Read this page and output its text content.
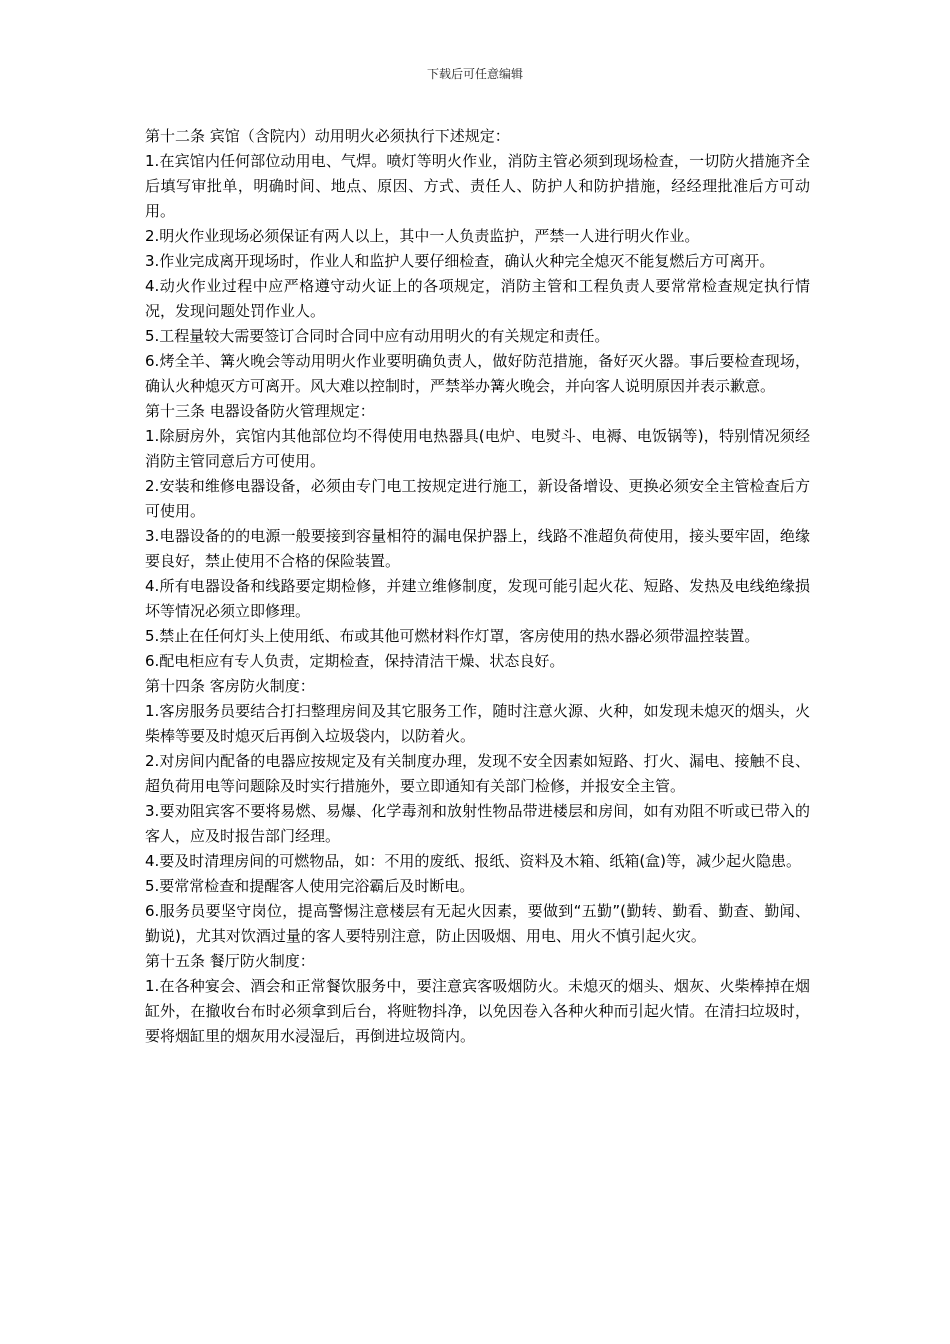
下载后可任意编辑

第十二条 宾馆（含院内）动用明火必须执行下述规定：

1.在宾馆内任何部位动用电、气焊。喷灯等明火作业，消防主管必须到现场检查，一切防火措施齐全后填写审批单，明确时间、地点、原因、方式、责任人、防护人和防护措施，经经理批准后方可动用。

2.明火作业现场必须保证有两人以上，其中一人负责监护，严禁一人进行明火作业。

3.作业完成离开现场时，作业人和监护人要仔细检查，确认火种完全熄灭不能复燃后方可离开。

4.动火作业过程中应严格遵守动火证上的各项规定，消防主管和工程负责人要常常检查规定执行情况，发现问题处罚作业人。

5.工程量较大需要签订合同时合同中应有动用明火的有关规定和责任。

6.烤全羊、篝火晚会等动用明火作业要明确负责人，做好防范措施，备好灭火器。事后要检查现场，确认火种熄灭方可离开。风大难以控制时，严禁举办篝火晚会，并向客人说明原因并表示歉意。

第十三条 电器设备防火管理规定：

1.除厨房外，宾馆内其他部位均不得使用电热器具(电炉、电熨斗、电褥、电饭锅等)，特别情况须经消防主管同意后方可使用。

2.安装和维修电器设备，必须由专门电工按规定进行施工，新设备增设、更换必须安全主管检查后方可使用。

3.电器设备的的电源一般要接到容量相符的漏电保护器上，线路不准超负荷使用，接头要牢固，绝缘要良好，禁止使用不合格的保险装置。

4.所有电器设备和线路要定期检修，并建立维修制度，发现可能引起火花、短路、发热及电线绝缘损坏等情况必须立即修理。

5.禁止在任何灯头上使用纸、布或其他可燃材料作灯罩，客房使用的热水器必须带温控装置。

6.配电柜应有专人负责，定期检查，保持清洁干燥、状态良好。

第十四条 客房防火制度：

1.客房服务员要结合打扫整理房间及其它服务工作，随时注意火源、火种，如发现未熄灭的烟头，火柴棒等要及时熄灭后再倒入垃圾袋内，以防着火。

2.对房间内配备的电器应按规定及有关制度办理，发现不安全因素如短路、打火、漏电、接触不良、超负荷用电等问题除及时实行措施外，要立即通知有关部门检修，并报安全主管。

3.要劝阻宾客不要将易燃、易爆、化学毒剂和放射性物品带进楼层和房间，如有劝阻不听或已带入的客人，应及时报告部门经理。

4.要及时清理房间的可燃物品，如：不用的废纸、报纸、资料及木箱、纸箱(盒)等，减少起火隐患。

5.要常常检查和提醒客人使用完浴霸后及时断电。

6.服务员要坚守岗位，提高警惕注意楼层有无起火因素，要做到“五勤”(勤转、勤看、勤查、勤闻、勤说)，尤其对饮酒过量的客人要特别注意，防止因吸烟、用电、用火不慎引起火灾。

第十五条 餐厅防火制度：

1.在各种宴会、酒会和正常餐饮服务中，要注意宾客吸烟防火。未熄灭的烟头、烟灰、火柴棒掉在烟缸外，在撤收台布时必须拿到后台，将赃物抖净，以免因卷入各种火种而引起火情。在清扫垃圾时，要将烟缸里的烟灰用水浸湿后，再倒进垃圾筒内。
